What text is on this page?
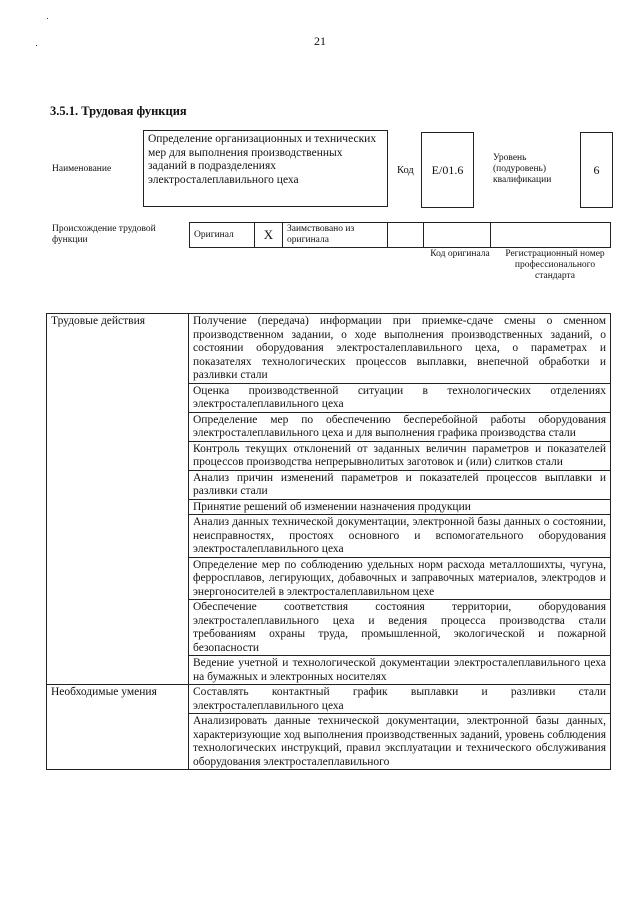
21
3.5.1. Трудовая функция
Наименование
Определение организационных и технических мер для выполнения производственных заданий в подразделениях электросталеплавильного цеха
Код	E/01.6
Уровень (подуровень) квалификации
6
Происхождение трудовой функции
Оригинал	X	Заимствовано из оригинала			
Код оригинала	Регистрационный номер профессионального стандарта
Трудовые действия	Получение (передача) информации при приемке-сдаче смены о сменном производственном задании, о ходе выполнения производственных заданий, о состоянии оборудования электросталеплавильного цеха, о параметрах и показателях технологических процессов выплавки, внепечной обработки и разливки стали
	Оценка производственной ситуации в технологических отделениях электросталеплавильного цеха
	Определение мер по обеспечению бесперебойной работы оборудования электросталеплавильного цеха и для выполнения графика производства стали
	Контроль текущих отклонений от заданных величин параметров и показателей процессов производства непрерывнолитых заготовок и (или) слитков стали
	Анализ причин изменений параметров и показателей процессов выплавки и разливки стали
	Принятие решений об изменении назначения продукции
	Анализ данных технической документации, электронной базы данных о состоянии, неисправностях, простоях основного и вспомогательного оборудования электросталеплавильного цеха
	Определение мер по соблюдению удельных норм расхода металлошихты, чугуна, ферросплавов, легирующих, добавочных и заправочных материалов, электродов и энергоносителей в электросталеплавильном цехе
	Обеспечение соответствия состояния территории, оборудования электросталеплавильного цеха и ведения процесса производства стали требованиям охраны труда, промышленной, экологической и пожарной безопасности
	Ведение учетной и технологической документации электросталеплавильного цеха на бумажных и электронных носителях
Необходимые умения	Составлять контактный график выплавки и разливки стали электросталеплавильного цеха
	Анализировать данные технической документации, электронной базы данных, характеризующие ход выполнения производственных заданий, уровень соблюдения технологических инструкций, правил эксплуатации и технического обслуживания оборудования электросталеплавильного
